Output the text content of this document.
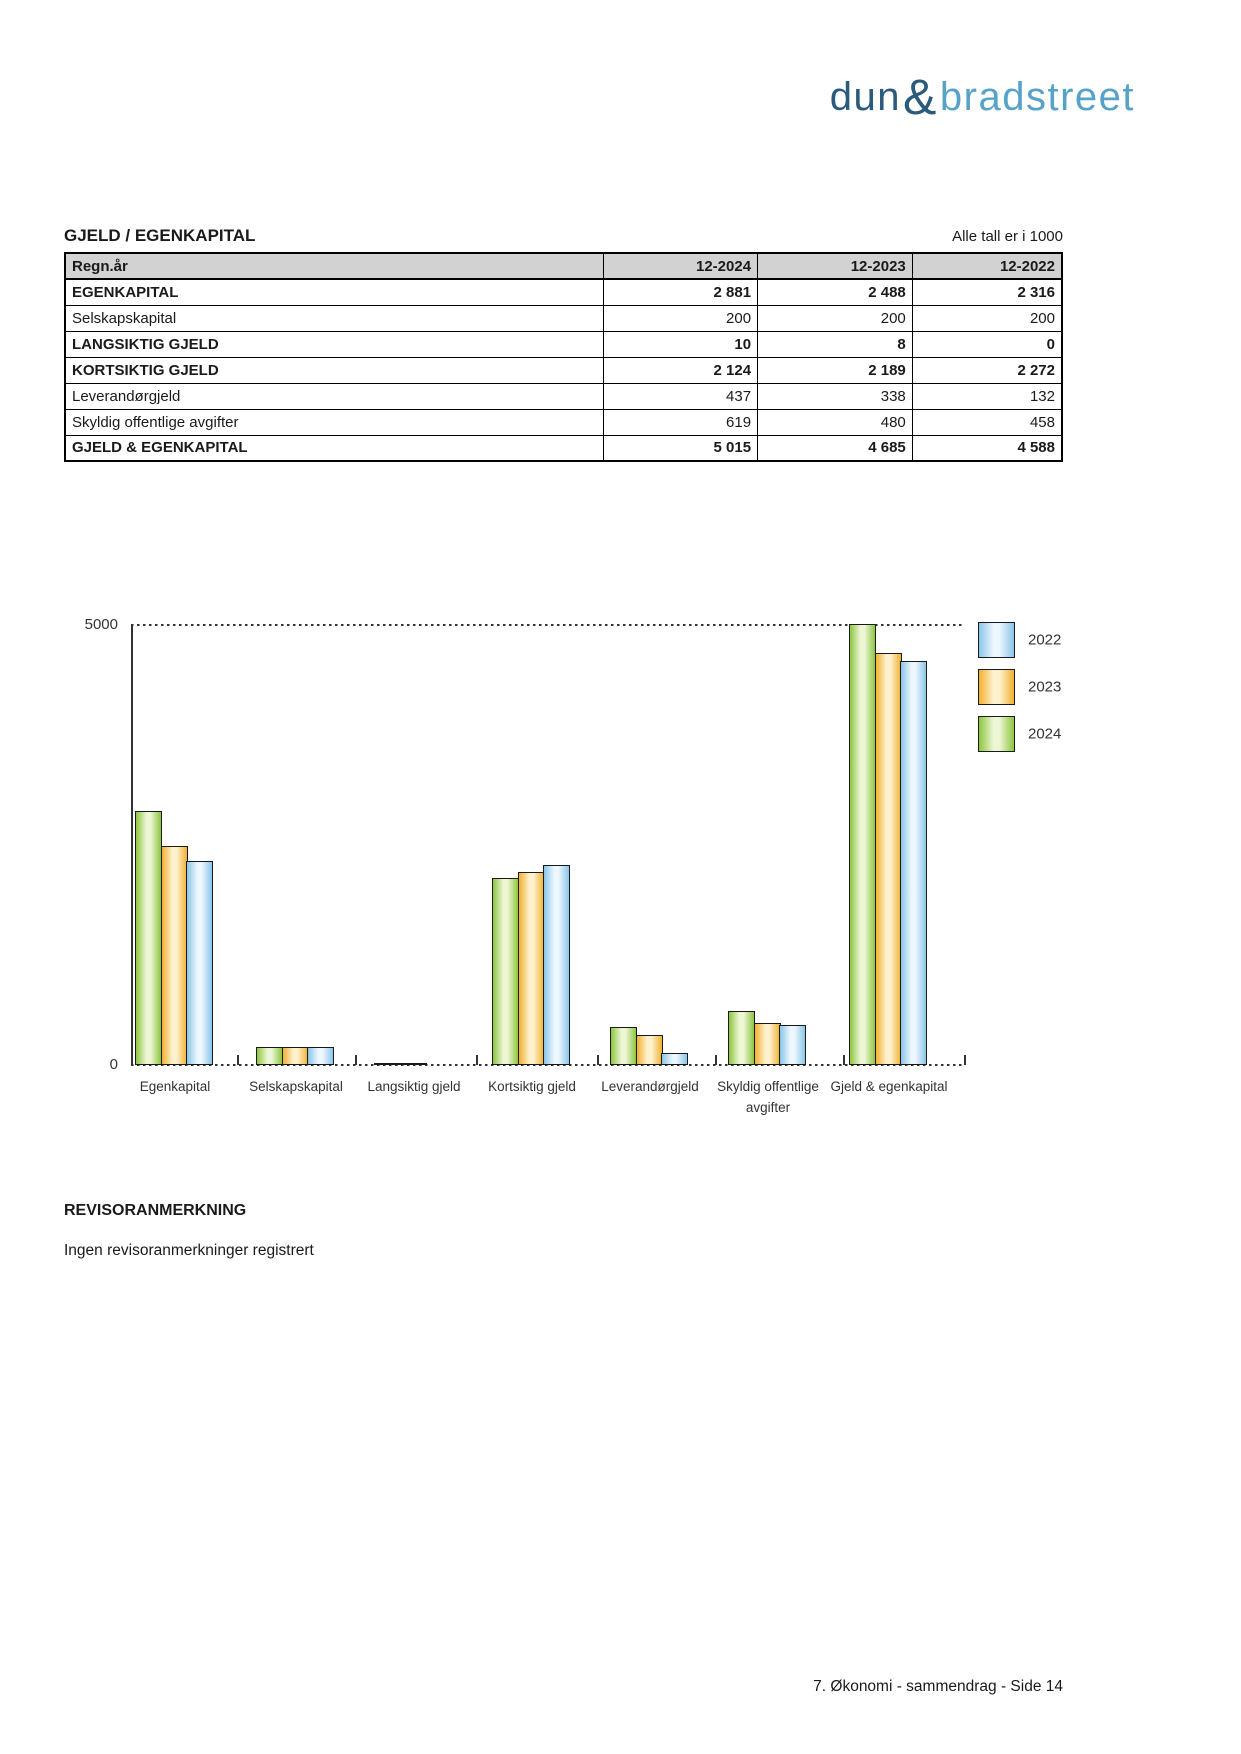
dun&bradstreet
GJELD / EGENKAPITAL	Alle tall er i 1000
Regn.år	12-2024	12-2023	12-2022
EGENKAPITAL	2 881	2 488	2 316
Selskapskapital	200	200	200
LANGSIKTIG GJELD	10	8	0
KORTSIKTIG GJELD	2 124	2 189	2 272
Leverandørgjeld	437	338	132
Skyldig offentlige avgifter	619	480	458
GJELD & EGENKAPITAL	5 015	4 685	4 588
5000
0
Egenkapital	Selskapskapital	Langsiktig gjeld	Kortsiktig gjeld	Leverandørgjeld	Skyldig offentlige avgifter
Gjeld & egenkapital
2022
2023
2024
REVISORANMERKNING
Ingen revisoranmerkninger registrert
7. Økonomi - sammendrag - Side 14
